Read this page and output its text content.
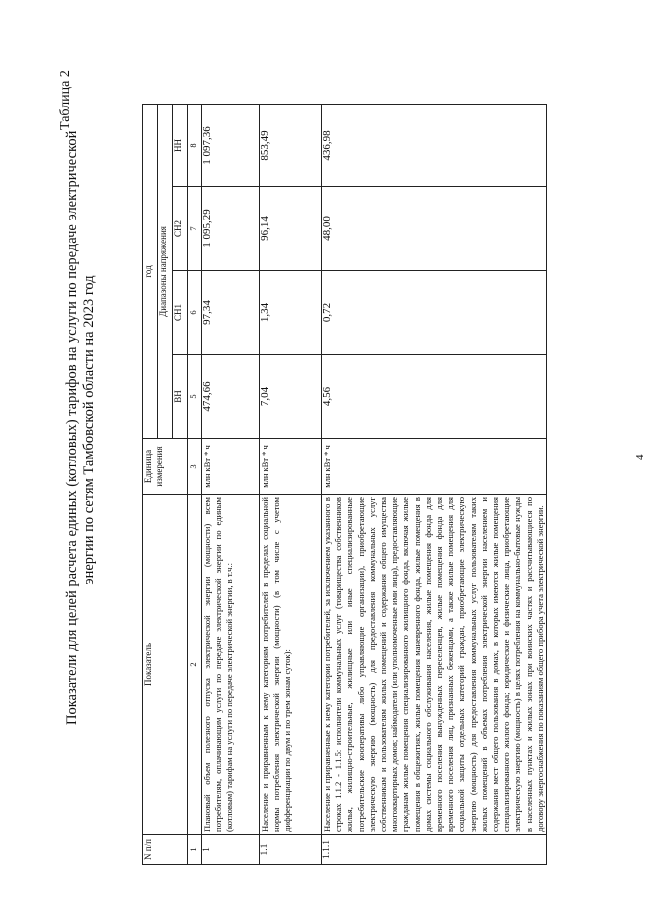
4
Таблица 2
Показатели для целей расчета единых (котловых) тарифов на услуги по передаче электрической энергии по сетям Тамбовской области на 2023 год
N п/п	Показатель	Единица измерения	год			
			Диапазоны напряжения			
			ВН	СН1	СН2	НН
1	2	3	5	6	7	8
1	Плановый объем полезного отпуска электрической энергии (мощности) всем потребителям, оплачивающим услуги по передаче электрической энергии по единым (котловым) тарифам на услуги по передаче электрической энергии, в т.ч.:	млн кВт * ч	474,66	97,34	1 095,29	1 097,36
1.1	Население и приравненным к нему категориям потребителей в пределах социальной нормы потребления электрической энергии (мощности) (в том числе с учетом дифференциации по двум и по трем зонам суток):	млн кВт * ч	7,04	1,34	96,14	853,49
1.1.1	Население и приравненные к нему категории потребителей, за исключением указанного в строках 1.1.2 - 1.1.5: исполнители коммунальных услуг (товарищества собственников жилья, жилищно-строительные, жилищные или иные специализированные потребительские кооперативы либо управляющие организации), приобретающие электрическую энергию (мощность) для предоставления коммунальных услуг собственникам и пользователям жилых помещений и содержания общего имущества многоквартирных домов; наймодатели (или уполномоченные ими лица), предоставляющие гражданам жилые помещения специализированного жилищного фонда, включая жилые помещения в общежитиях, жилые помещения маневренного фонда, жилые помещения в домах системы социального обслуживания населения, жилые помещения фонда для временного поселения вынужденных переселенцев, жилые помещения фонда для временного поселения лиц, признанных беженцами, а также жилые помещения для социальной защиты отдельных категорий граждан, приобретающие электрическую энергию (мощность) для предоставления коммунальных услуг пользователям таких жилых помещений в объемах потребления электрической энергии населением и содержания мест общего пользования в домах, в которых имеются жилые помещения специализированного жилого фонда; юридические и физические лица, приобретающие электрическую энергию (мощность) в целях потребления на коммунально-бытовые нужды в населенных пунктах и жилых зонах при воинских частях и рассчитывающиеся по договору энергоснабжения по показаниям общего прибора учета электрической энергии.	млн кВт * ч	4,56	0,72	48,00	436,98
